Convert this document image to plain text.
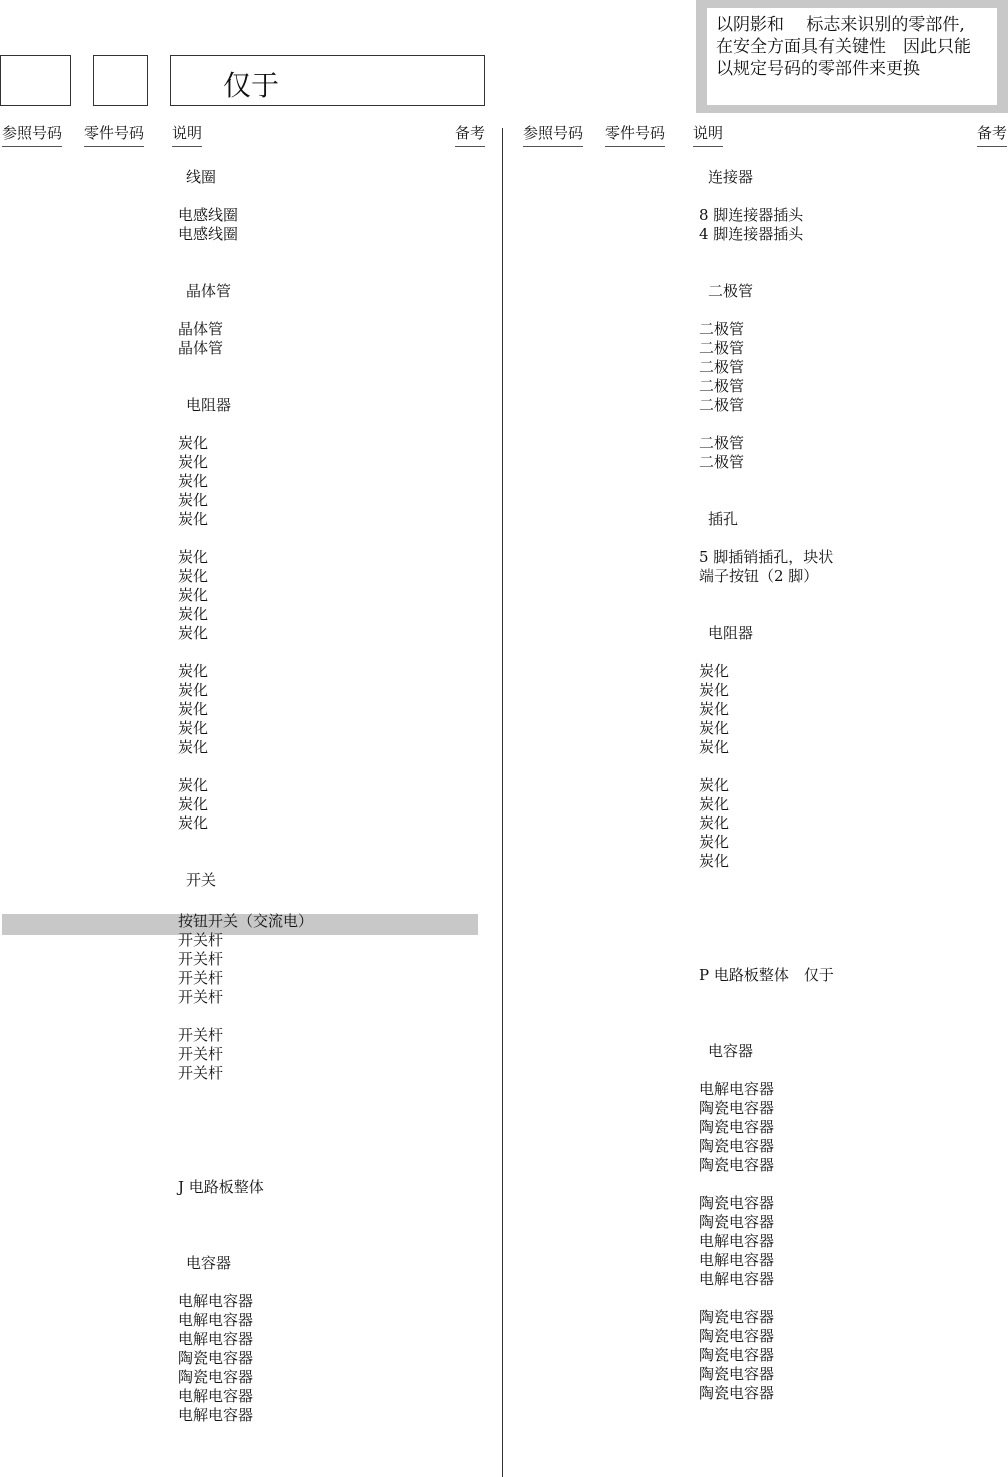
仅于
以阴影和　 标志来识别的零部件,
在安全方面具有关键性　因此只能
以规定号码的零部件来更换
参照号码 零件号码 说明	备考	参照号码 零件号码 说明	备考
线圈
电感线圈
电感线圈
晶体管
晶体管
晶体管
电阻器
炭化
炭化
炭化
炭化
炭化
炭化
炭化
炭化
炭化
炭化
炭化
炭化
炭化
炭化
炭化
炭化
炭化
炭化
开关
按钮开关（交流电）
开关杆
开关杆
开关杆
开关杆
开关杆
开关杆
开关杆
J 电路板整体
电容器
电解电容器
电解电容器
电解电容器
陶瓷电容器
陶瓷电容器
电解电容器
电解电容器
连接器
8 脚连接器插头
4 脚连接器插头
二极管
二极管
二极管
二极管
二极管
二极管
二极管
二极管
插孔
5 脚插销插孔，块状
端子按钮（2 脚）
电阻器
炭化
炭化
炭化
炭化
炭化
炭化
炭化
炭化
炭化
炭化
P 电路板整体　仅于
电容器
电解电容器
陶瓷电容器
陶瓷电容器
陶瓷电容器
陶瓷电容器
陶瓷电容器
陶瓷电容器
电解电容器
电解电容器
电解电容器
陶瓷电容器
陶瓷电容器
陶瓷电容器
陶瓷电容器
陶瓷电容器
